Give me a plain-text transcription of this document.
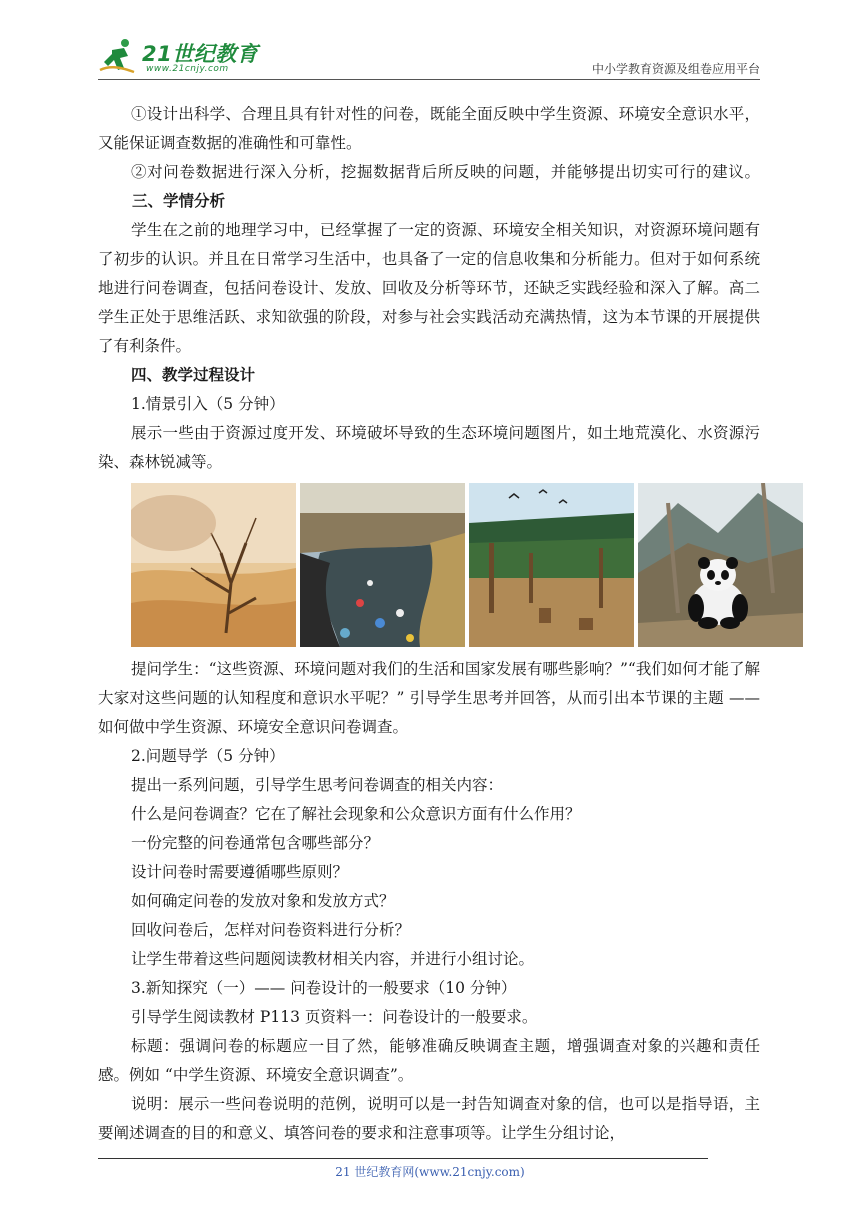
21世纪教育
www.21cnjy.com	中小学教育资源及组卷应用平台

①设计出科学、合理且具有针对性的问卷，既能全面反映中学生资源、环境安全意识水平，又能保证调查数据的准确性和可靠性。

②对问卷数据进行深入分析，挖掘数据背后所反映的问题，并能够提出切实可行的建议。三、学情分析

学生在之前的地理学习中，已经掌握了一定的资源、环境安全相关知识，对资源环境问题有了初步的认识。并且在日常学习生活中，也具备了一定的信息收集和分析能力。但对于如何系统地进行问卷调查，包括问卷设计、发放、回收及分析等环节，还缺乏实践经验和深入了解。高二学生正处于思维活跃、求知欲强的阶段，对参与社会实践活动充满热情，这为本节课的开展提供了有利条件。

四、教学过程设计

1.情景引入（5 分钟）

展示一些由于资源过度开发、环境破坏导致的生态环境问题图片，如土地荒漠化、水资源污染、森林锐减等。

提问学生：“这些资源、环境问题对我们的生活和国家发展有哪些影响？”“我们如何才能了解大家对这些问题的认知程度和意识水平呢？” 引导学生思考并回答，从而引出本节课的主题 —— 如何做中学生资源、环境安全意识问卷调查。

2.问题导学（5 分钟）

提出一系列问题，引导学生思考问卷调查的相关内容：

什么是问卷调查？它在了解社会现象和公众意识方面有什么作用？

一份完整的问卷通常包含哪些部分？

设计问卷时需要遵循哪些原则？

如何确定问卷的发放对象和发放方式？

回收问卷后，怎样对问卷资料进行分析？

让学生带着这些问题阅读教材相关内容，并进行小组讨论。

3.新知探究（一）—— 问卷设计的一般要求（10 分钟）

引导学生阅读教材 P113 页资料一：问卷设计的一般要求。

标题：强调问卷的标题应一目了然，能够准确反映调查主题，增强调查对象的兴趣和责任感。例如 “中学生资源、环境安全意识调查”。

说明：展示一些问卷说明的范例，说明可以是一封告知调查对象的信，也可以是指导语，主要阐述调查的目的和意义、填答问卷的要求和注意事项等。让学生分组讨论，

21 世纪教育网(www.21cnjy.com)
